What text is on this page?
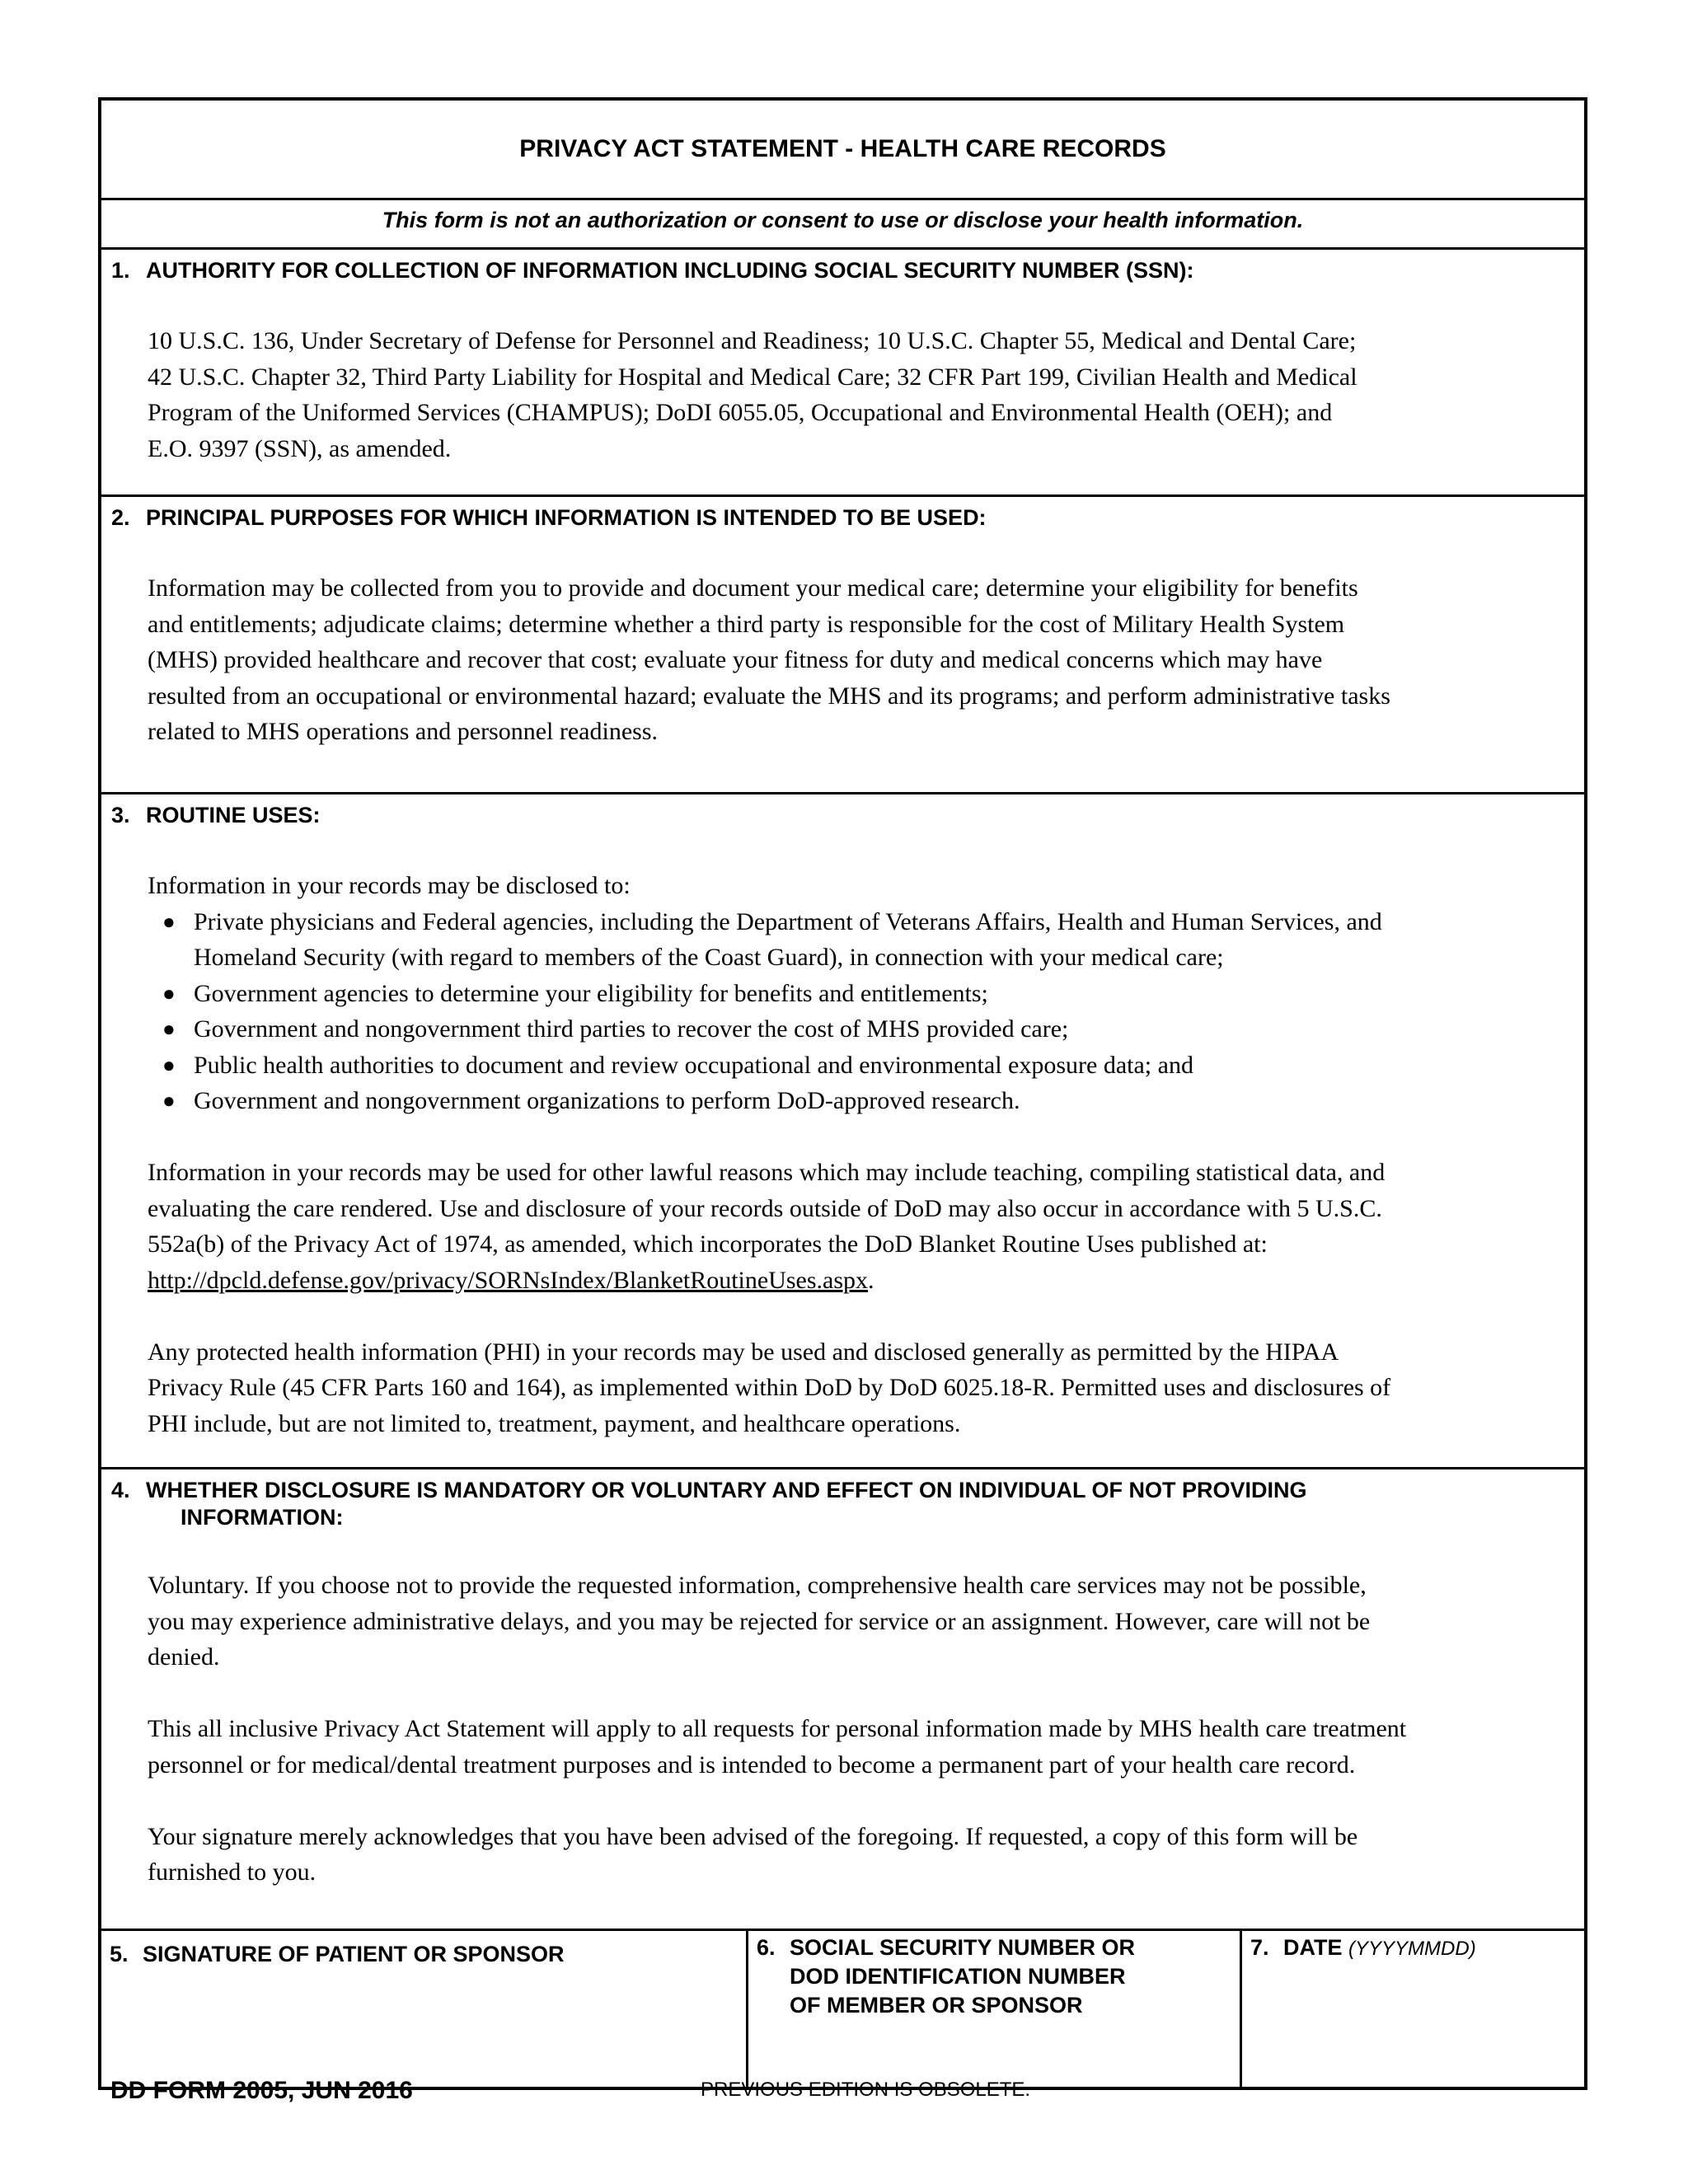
PRIVACY ACT STATEMENT - HEALTH CARE RECORDS
This form is not an authorization or consent to use or disclose your health information.
1. AUTHORITY FOR COLLECTION OF INFORMATION INCLUDING SOCIAL SECURITY NUMBER (SSN):
10 U.S.C. 136, Under Secretary of Defense for Personnel and Readiness; 10 U.S.C. Chapter 55, Medical and Dental Care;
42 U.S.C. Chapter 32, Third Party Liability for Hospital and Medical Care; 32 CFR Part 199, Civilian Health and Medical
Program of the Uniformed Services (CHAMPUS); DoDI 6055.05, Occupational and Environmental Health (OEH); and
E.O. 9397 (SSN), as amended.
2. PRINCIPAL PURPOSES FOR WHICH INFORMATION IS INTENDED TO BE USED:
Information may be collected from you to provide and document your medical care; determine your eligibility for benefits
and entitlements; adjudicate claims; determine whether a third party is responsible for the cost of Military Health System
(MHS) provided healthcare and recover that cost; evaluate your fitness for duty and medical concerns which may have
resulted from an occupational or environmental hazard; evaluate the MHS and its programs; and perform administrative tasks
related to MHS operations and personnel readiness.
3. ROUTINE USES:
Information in your records may be disclosed to:
● Private physicians and Federal agencies, including the Department of Veterans Affairs, Health and Human Services, and
Homeland Security (with regard to members of the Coast Guard), in connection with your medical care;
● Government agencies to determine your eligibility for benefits and entitlements;
● Government and nongovernment third parties to recover the cost of MHS provided care;
● Public health authorities to document and review occupational and environmental exposure data; and
● Government and nongovernment organizations to perform DoD-approved research.
Information in your records may be used for other lawful reasons which may include teaching, compiling statistical data, and
evaluating the care rendered. Use and disclosure of your records outside of DoD may also occur in accordance with 5 U.S.C.
552a(b) of the Privacy Act of 1974, as amended, which incorporates the DoD Blanket Routine Uses published at:
http://dpcld.defense.gov/privacy/SORNsIndex/BlanketRoutineUses.aspx.
Any protected health information (PHI) in your records may be used and disclosed generally as permitted by the HIPAA
Privacy Rule (45 CFR Parts 160 and 164), as implemented within DoD by DoD 6025.18-R. Permitted uses and disclosures of
PHI include, but are not limited to, treatment, payment, and healthcare operations.
4. WHETHER DISCLOSURE IS MANDATORY OR VOLUNTARY AND EFFECT ON INDIVIDUAL OF NOT PROVIDING
INFORMATION:
Voluntary. If you choose not to provide the requested information, comprehensive health care services may not be possible,
you may experience administrative delays, and you may be rejected for service or an assignment. However, care will not be
denied.
This all inclusive Privacy Act Statement will apply to all requests for personal information made by MHS health care treatment
personnel or for medical/dental treatment purposes and is intended to become a permanent part of your health care record.
Your signature merely acknowledges that you have been advised of the foregoing. If requested, a copy of this form will be
furnished to you.
5. SIGNATURE OF PATIENT OR SPONSOR	6. SOCIAL SECURITY NUMBER OR
DOD IDENTIFICATION NUMBER
OF MEMBER OR SPONSOR
7. DATE (YYYYMMDD)
DD FORM 2005, JUN 2016	PREVIOUS EDITION IS OBSOLETE.
